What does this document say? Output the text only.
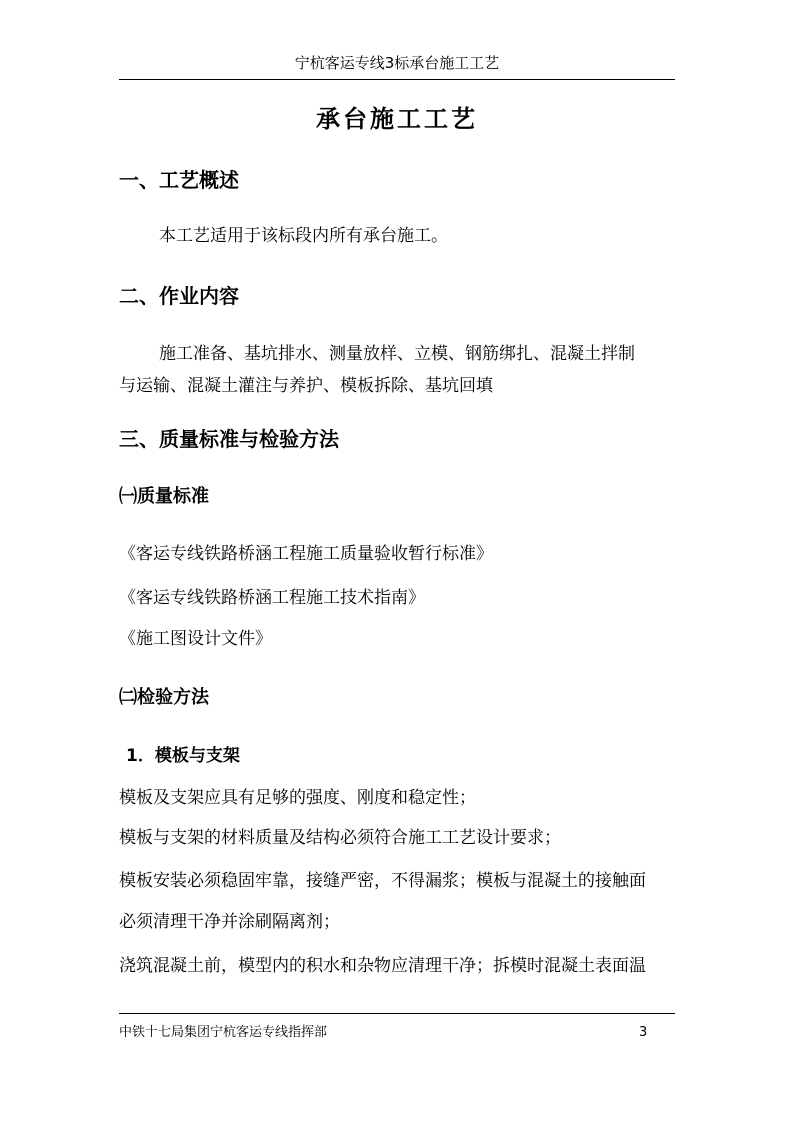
宁杭客运专线3标承台施工工艺
承台施工工艺
一、工艺概述
本工艺适用于该标段内所有承台施工。
二、作业内容
施工准备、基坑排水、测量放样、立模、钢筋绑扎、混凝土拌制
与运输、混凝土灌注与养护、模板拆除、基坑回填
三、质量标准与检验方法
㈠质量标准
《客运专线铁路桥涵工程施工质量验收暂行标准》
《客运专线铁路桥涵工程施工技术指南》
《施工图设计文件》
㈡检验方法
1．模板与支架
模板及支架应具有足够的强度、刚度和稳定性；
模板与支架的材料质量及结构必须符合施工工艺设计要求；
模板安装必须稳固牢靠，接缝严密，不得漏浆；模板与混凝土的接触面
必须清理干净并涂刷隔离剂；
浇筑混凝土前，模型内的积水和杂物应清理干净；拆模时混凝土表面温
中铁十七局集团宁杭客运专线指挥部	3
